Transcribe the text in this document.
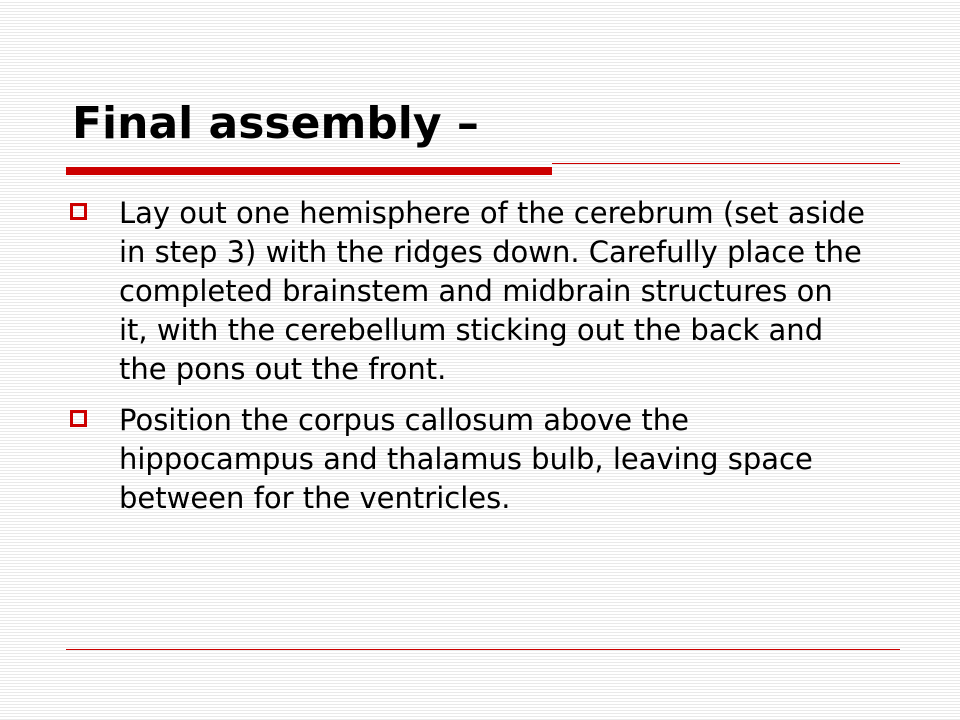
Final assembly –
Lay out one hemisphere of the cerebrum (set aside in step 3) with the ridges down. Carefully place the completed brainstem and midbrain structures on it, with the cerebellum sticking out the back and the pons out the front.
Position the corpus callosum above the hippocampus and thalamus bulb, leaving space between for the ventricles.
